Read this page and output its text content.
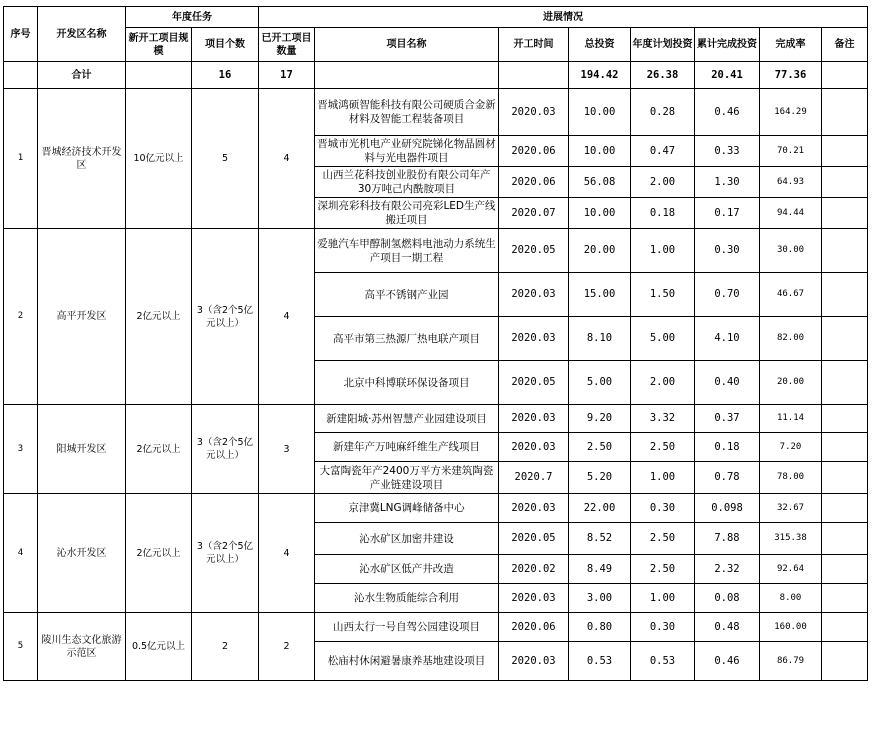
序号	开发区名称	年度任务		进展情况							
		新开工项目规模	项目个数	已开工项目数量	项目名称	开工时间	总投资	年度计划投资	累计完成投资	完成率	备注
	合计		16	17			194.42	26.38	20.41	77.36	
1	晋城经济技术开发区	10亿元以上	5	4	晋城鸿硕智能科技有限公司硬质合金新材料及智能工程装备项目	2020.03	10.00	0.28	0.46	164.29	
					晋城市光机电产业研究院锑化物晶圆材料与光电器件项目	2020.06	10.00	0.47	0.33	70.21	
					山西兰花科技创业股份有限公司年产30万吨己内酰胺项目	2020.06	56.08	2.00	1.30	64.93	
					深圳亮彩科技有限公司亮彩LED生产线搬迁项目	2020.07	10.00	0.18	0.17	94.44	
2	高平开发区	2亿元以上	3（含2个5亿元以上）	4	爱驰汽车甲醇制氢燃料电池动力系统生产项目一期工程	2020.05	20.00	1.00	0.30	30.00	
					高平不锈钢产业园	2020.03	15.00	1.50	0.70	46.67	
					高平市第三热源厂热电联产项目	2020.03	8.10	5.00	4.10	82.00	
					北京中科博联环保设备项目	2020.05	5.00	2.00	0.40	20.00	
3	阳城开发区	2亿元以上	3（含2个5亿元以上）	3	新建阳城·苏州智慧产业园建设项目	2020.03	9.20	3.32	0.37	11.14	
					新建年产万吨麻纤维生产线项目	2020.03	2.50	2.50	0.18	7.20	
					大富陶瓷年产2400万平方米建筑陶瓷产业链建设项目	2020.7	5.20	1.00	0.78	78.00	
4	沁水开发区	2亿元以上	3（含2个5亿元以上）	4	京津冀LNG调峰储备中心	2020.03	22.00	0.30	0.098	32.67	
					沁水矿区加密井建设	2020.05	8.52	2.50	7.88	315.38	
					沁水矿区低产井改造	2020.02	8.49	2.50	2.32	92.64	
					沁水生物质能综合利用	2020.03	3.00	1.00	0.08	8.00	
5	陵川生态文化旅游示范区	0.5亿元以上	2	2	山西太行一号自驾公园建设项目	2020.06	0.80	0.30	0.48	160.00	
					松庙村休闲避暑康养基地建设项目	2020.03	0.53	0.53	0.46	86.79	
